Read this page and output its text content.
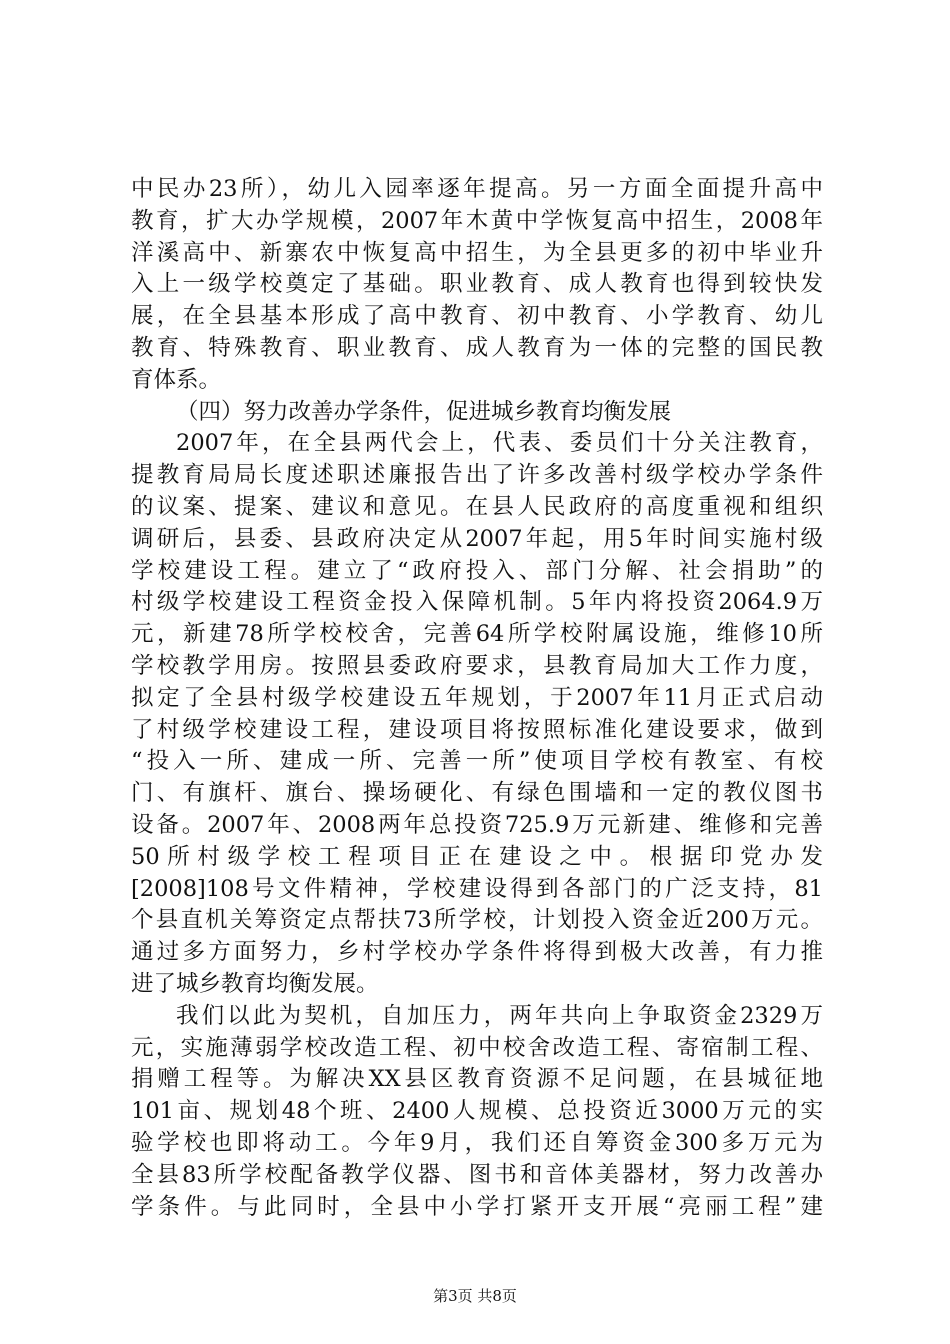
中民办23所），幼儿入园率逐年提高。另一方面全面提升高中
教育，扩大办学规模，2007年木黄中学恢复高中招生，2008年
洋溪高中、新寨农中恢复高中招生，为全县更多的初中毕业升
入上一级学校奠定了基础。职业教育、成人教育也得到较快发
展，在全县基本形成了高中教育、初中教育、小学教育、幼儿
教育、特殊教育、职业教育、成人教育为一体的完整的国民教
育体系。
（四）努力改善办学条件，促进城乡教育均衡发展
2007年，在全县两代会上，代表、委员们十分关注教育，
提教育局局长度述职述廉报告出了许多改善村级学校办学条件
的议案、提案、建议和意见。在县人民政府的高度重视和组织
调研后，县委、县政府决定从2007年起，用5年时间实施村级
学校建设工程。建立了“政府投入、部门分解、社会捐助”的
村级学校建设工程资金投入保障机制。5年内将投资2064.9万
元，新建78所学校校舍，完善64所学校附属设施，维修10所
学校教学用房。按照县委政府要求，县教育局加大工作力度，
拟定了全县村级学校建设五年规划，于2007年11月正式启动
了村级学校建设工程，建设项目将按照标准化建设要求，做到
“投入一所、建成一所、完善一所”使项目学校有教室、有校
门、有旗杆、旗台、操场硬化、有绿色围墙和一定的教仪图书
设备。2007年、2008两年总投资725.9万元新建、维修和完善
50所村级学校工程项目正在建设之中。根据印党办发
[2008]108号文件精神，学校建设得到各部门的广泛支持，81
个县直机关筹资定点帮扶73所学校，计划投入资金近200万元。
通过多方面努力，乡村学校办学条件将得到极大改善，有力推
进了城乡教育均衡发展。
我们以此为契机，自加压力，两年共向上争取资金2329万
元，实施薄弱学校改造工程、初中校舍改造工程、寄宿制工程、
捐赠工程等。为解决XX县区教育资源不足问题，在县城征地
101亩、规划48个班、2400人规模、总投资近3000万元的实
验学校也即将动工。今年9月，我们还自筹资金300多万元为
全县83所学校配备教学仪器、图书和音体美器材，努力改善办
学条件。与此同时，全县中小学打紧开支开展“亮丽工程”建
第3页 共8页
